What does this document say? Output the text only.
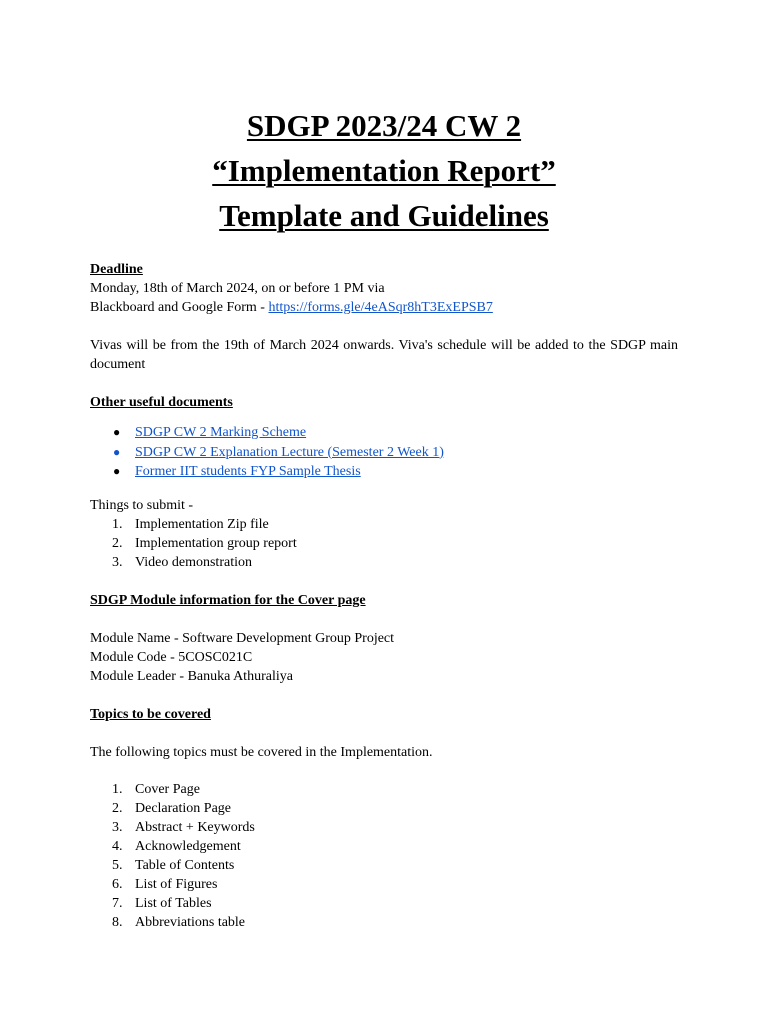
SDGP 2023/24 CW 2
“Implementation Report”
Template and Guidelines
Deadline

Monday, 18th of March 2024, on or before 1 PM via

Blackboard and Google Form - https://forms.gle/4eASqr8hT3ExEPSB7

Vivas will be from the 19th of March 2024 onwards. Viva's schedule will be added to the SDGP main document

Other useful documents
● SDGP CW 2 Marking Scheme
● SDGP CW 2 Explanation Lecture (Semester 2 Week 1)
● Former IIT students FYP Sample Thesis

Things to submit -

1. Implementation Zip file
2. Implementation group report
3. Video demonstration
SDGP Module information for the Cover page

Module Name - Software Development Group Project

Module Code - 5COSC021C

Module Leader - Banuka Athuraliya

Topics to be covered

The following topics must be covered in the Implementation.

1. Cover Page
2. Declaration Page
3. Abstract + Keywords
4. Acknowledgement
5. Table of Contents
6. List of Figures
7. List of Tables
8. Abbreviations table
